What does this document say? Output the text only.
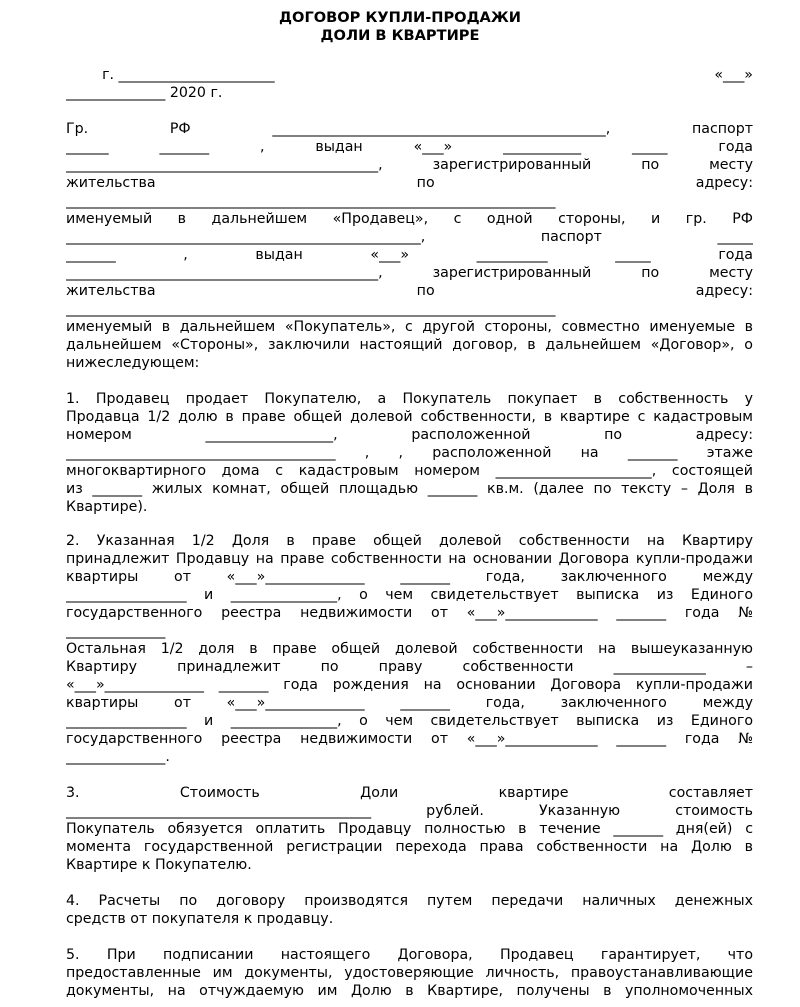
ДОГОВОР КУПЛИ-ПРОДАЖИ
ДОЛИ В КВАРТИРЕ
г. ______________________	«___»
______________ 2020 г.
Гр. РФ _______________________________________________, паспорт
______ _______ , выдан «___» ___________ _____ года
____________________________________________, зарегистрированный по месту
жительства по адресу:
_____________________________________________________________________
именуемый в дальнейшем «Продавец», с одной стороны, и гр. РФ
__________________________________________________, паспорт _____
_______ , выдан «___» __________ _____ года
____________________________________________, зарегистрированный по месту
жительства по адресу:
_____________________________________________________________________
именуемый в дальнейшем «Покупатель», с другой стороны, совместно именуемые в
дальнейшем «Стороны», заключили настоящий договор, в дальнейшем «Договор», о
нижеследующем:
1. Продавец продает Покупателю, а Покупатель покупает в собственность у
Продавца 1/2 долю в праве общей долевой собственности, в квартире с кадастровым
номером __________________, расположенной по адресу:
______________________________________ , , расположенной на _______ этаже
многоквартирного дома с кадастровым номером ______________________, состоящей
из _______ жилых комнат, общей площадью _______ кв.м. (далее по тексту – Доля в
Квартире).
2. Указанная 1/2 Доля в праве общей долевой собственности на Квартиру
принадлежит Продавцу на праве собственности на основании Договора купли-продажи
квартиры от «___»______________ _______ года, заключенного между
_________________ и _______________, о чем свидетельствует выписка из Единого
государственного реестра недвижимости от «___»_____________ _______ года №
______________
Остальная 1/2 доля в праве общей долевой собственности на вышеуказанную
Квартиру принадлежит по праву собственности _____________ –
«___»______________ _______ года рождения на основании Договора купли-продажи
квартиры от «___»______________ _______ года, заключенного между
_________________ и _______________, о чем свидетельствует выписка из Единого
государственного реестра недвижимости от «___»_____________ _______ года №
______________.
3. Стоимость Доли квартире составляет
___________________________________________ рублей. Указанную стоимость
Покупатель обязуется оплатить Продавцу полностью в течение _______ дня(ей) с
момента государственной регистрации перехода права собственности на Долю в
Квартире к Покупателю.
4. Расчеты по договору производятся путем передачи наличных денежных
средств от покупателя к продавцу.
5. При подписании настоящего Договора, Продавец гарантирует, что
предоставленные им документы, удостоверяющие личность, правоустанавливающие
документы, на отчуждаемую им Долю в Квартире, получены в уполномоченных
